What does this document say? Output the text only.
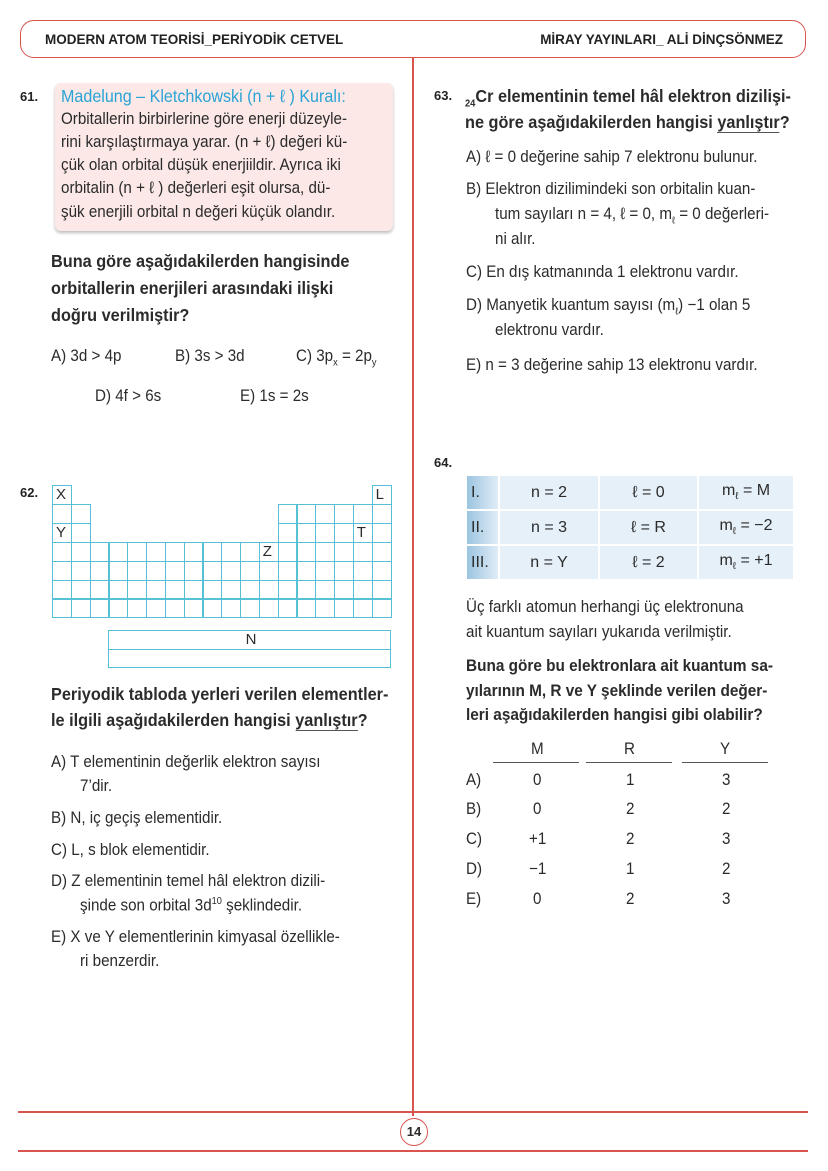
MODERN ATOM TEORİSİ_PERİYODİK CETVEL	MİRAY YAYINLARI_ ALİ DİNÇSÖNMEZ
61. Madelung – Kletchkowski (n + ℓ ) Kuralı:
Orbitallerin birbirlerine göre enerji düzeyle-
rini karşılaştırmaya yarar. (n + ℓ) değeri kü-
çük olan orbital düşük enerjiildir. Ayrıca iki
orbitalin (n + ℓ ) değerleri eşit olursa, dü-
şük enerjili orbital n değeri küçük olandır.
Buna göre aşağıdakilerden hangisinde
orbitallerin enerjileri arasındaki ilişki
doğru verilmiştir?
A) 3d > 4p	B) 3s > 3d	C) $3p_x = 2p_y$
D) 4f > 6s	E) 1s = 2s
62.
Periyodik tabloda yerleri verilen elementler-
le ilgili aşağıdakilerden hangisi yanlıştır?
A) T elementinin değerlik elektron sayısı
7’dir.
B) N, iç geçiş elementidir.
C) L, s blok elementidir.
D) Z elementinin temel hâl elektron dizili-
şinde son orbital $3d^{10}$ şeklindedir.
E) X ve Y elementlerinin kimyasal özellikle-
ri benzerdir.
63.
$_{24}$Cr elementinin temel hâl elektron dizilişi-
ne göre aşağıdakilerden hangisi yanlıştır?
A) ℓ = 0 değerine sahip 7 elektronu bulunur.
B) Elektron dizilimindeki son orbitalin kuan-
tum sayıları n = 4, ℓ = 0, $m_\ell = 0$ değerleri-
ni alır.
C) En dış katmanında 1 elektronu vardır.
D) Manyetik kuantum sayısı $(m_\ell) -1$ olan 5
elektronu vardır.
E) n = 3 değerine sahip 13 elektronu vardır.
64.
I.	n = 2	ℓ = 0	$m_\ell = M$
II.	n = 3	ℓ = R	$m_\ell = -2$
III.	n = Y	ℓ = 2	$m_\ell = +1$
Üç farklı atomun herhangi üç elektronuna
ait kuantum sayıları yukarıda verilmiştir.
Buna göre bu elektronlara ait kuantum sa-
yılarının M, R ve Y şeklinde verilen değer-
leri aşağıdakilerden hangisi gibi olabilir?
14
X	L
Y	T
Z
N
M	R	Y
A)	0	1	3
B)	0	2	2
C)	+1	2	3
D)	−1	1	2
E)	0	2	3
